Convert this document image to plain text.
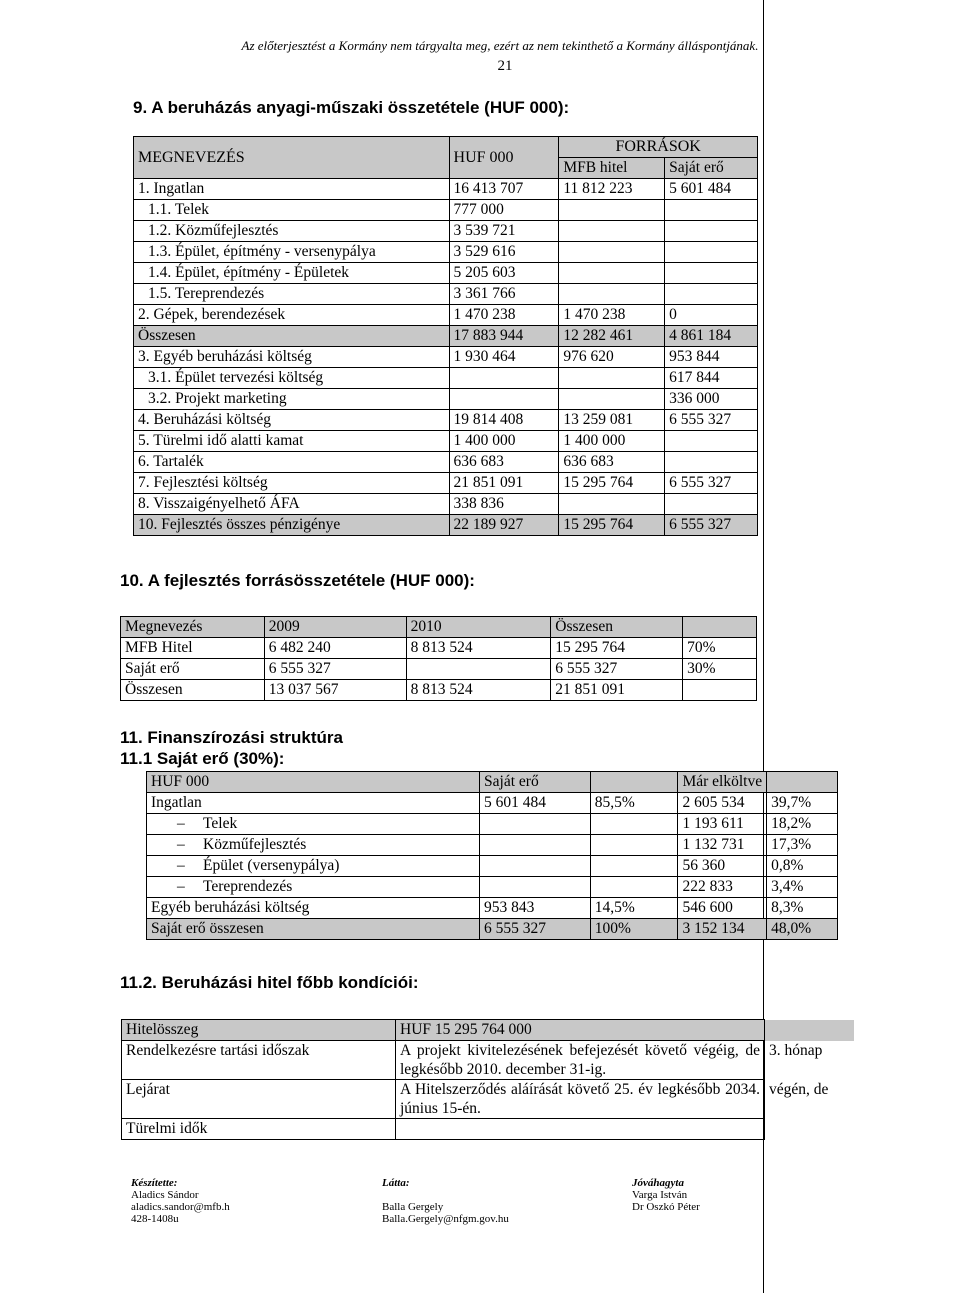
Az előterjesztést a Kormány nem tárgyalta meg, ezért az nem tekinthető a Kormány álláspontjának.
21
9. A beruházás anyagi-műszaki összetétele (HUF 000):
MEGNEVEZÉS	HUF 000	FORRÁSOK	
		MFB hitel	Saját erő
1. Ingatlan	16 413 707	11 812 223	5 601 484
1.1. Telek	777 000		
1.2. Közműfejlesztés	3 539 721		
1.3. Épület, építmény - versenypálya	3 529 616		
1.4. Épület, építmény - Épületek	5 205 603		
1.5. Tereprendezés	3 361 766		
2. Gépek, berendezések	1 470 238	1 470 238	0
Összesen	17 883 944	12 282 461	4 861 184
3. Egyéb beruházási költség	1 930 464	976 620	953 844
3.1. Épület tervezési költség			617 844
3.2. Projekt marketing			336 000
4. Beruházási költség	19 814 408	13 259 081	6 555 327
5. Türelmi idő alatti kamat	1 400 000	1 400 000	
6. Tartalék	636 683	636 683	
7. Fejlesztési költség	21 851 091	15 295 764	6 555 327
8. Visszaigényelhető ÁFA	338 836		
10. Fejlesztés összes pénzigénye	22 189 927	15 295 764	6 555 327
10. A fejlesztés forrásösszetétele (HUF 000):
Megnevezés	2009	2010	Összesen	
MFB Hitel	6 482 240	8 813 524	15 295 764	70%
Saját erő	6 555 327		6 555 327	30%
Összesen	13 037 567	8 813 524	21 851 091	
11. Finanszírozási struktúra
11.1 Saját erő (30%):
HUF 000	Saját erő		Már elköltve	
Ingatlan	5 601 484	85,5%	2 605 534	39,7%
– Telek			1 193 611	18,2%
– Közműfejlesztés			1 132 731	17,3%
– Épület (versenypálya)			56 360	0,8%
– Tereprendezés			222 833	3,4%
Egyéb beruházási költség	953 843	14,5%	546 600	8,3%
Saját erő összesen	6 555 327	100%	3 152 134	48,0%
11.2. Beruházási hitel főbb kondíciói:
Hitelösszeg	HUF 15 295 764 000	
Rendelkezésre tartási időszak	A projekt kivitelezésének befejezését követő végéig, de legkésőbb 2010. december 31-ig.	3. hónap
Lejárat	A Hitelszerződés aláírását követő 25. év legkésőbb 2034. június 15-én.	végén, de
Türelmi idők		
Készítette:
Aladics Sándor
aladics.sandor@mfb.h
428-1408u
Látta:

Balla Gergely
Balla.Gergely@nfgm.gov.hu
Jóváhagyta
Varga István
Dr Oszkó Péter
